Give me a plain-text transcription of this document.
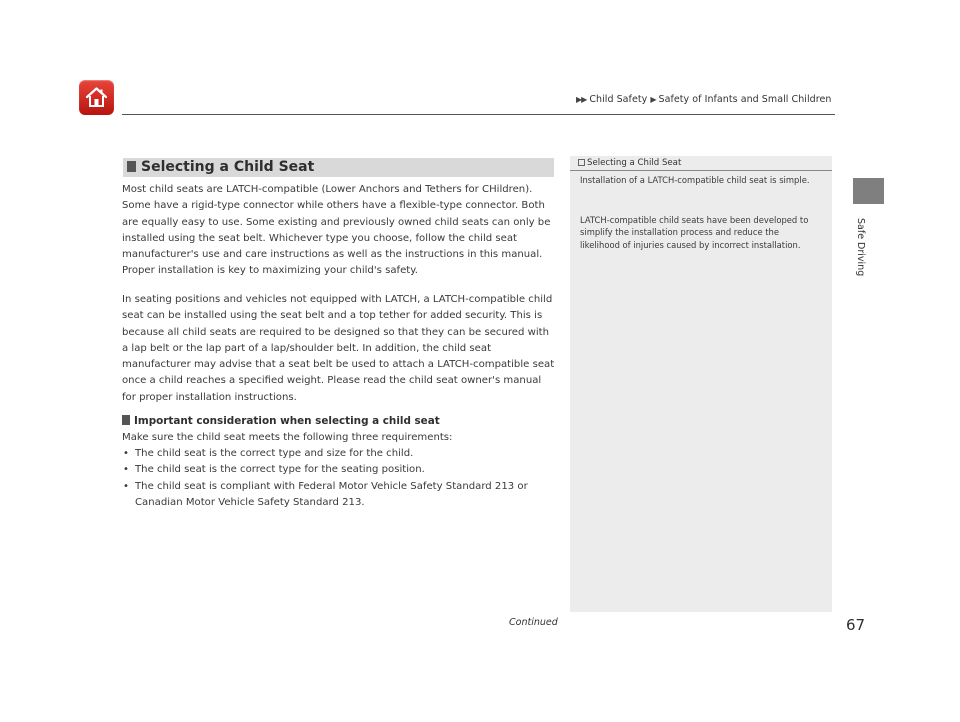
▶▶ Child Safety ▶ Safety of Infants and Small Children
Safe Driving
Selecting a Child Seat

Most child seats are LATCH-compatible (Lower Anchors and Tethers for CHildren). Some have a rigid-type connector while others have a flexible-type connector. Both are equally easy to use. Some existing and previously owned child seats can only be installed using the seat belt. Whichever type you choose, follow the child seat manufacturer's use and care instructions as well as the instructions in this manual. Proper installation is key to maximizing your child's safety.

In seating positions and vehicles not equipped with LATCH, a LATCH-compatible child seat can be installed using the seat belt and a top tether for added security. This is because all child seats are required to be designed so that they can be secured with a lap belt or the lap part of a lap/shoulder belt. In addition, the child seat manufacturer may advise that a seat belt be used to attach a LATCH-compatible seat once a child reaches a specified weight. Please read the child seat owner's manual for proper installation instructions.

Important consideration when selecting a child seat

Make sure the child seat meets the following three requirements:

• The child seat is the correct type and size for the child.
• The child seat is the correct type for the seating position.
• The child seat is compliant with Federal Motor Vehicle Safety Standard 213 or Canadian Motor Vehicle Safety Standard 213.
Selecting a Child Seat

Installation of a LATCH-compatible child seat is simple.

LATCH-compatible child seats have been developed to simplify the installation process and reduce the likelihood of injuries caused by incorrect installation.

Continued	67
